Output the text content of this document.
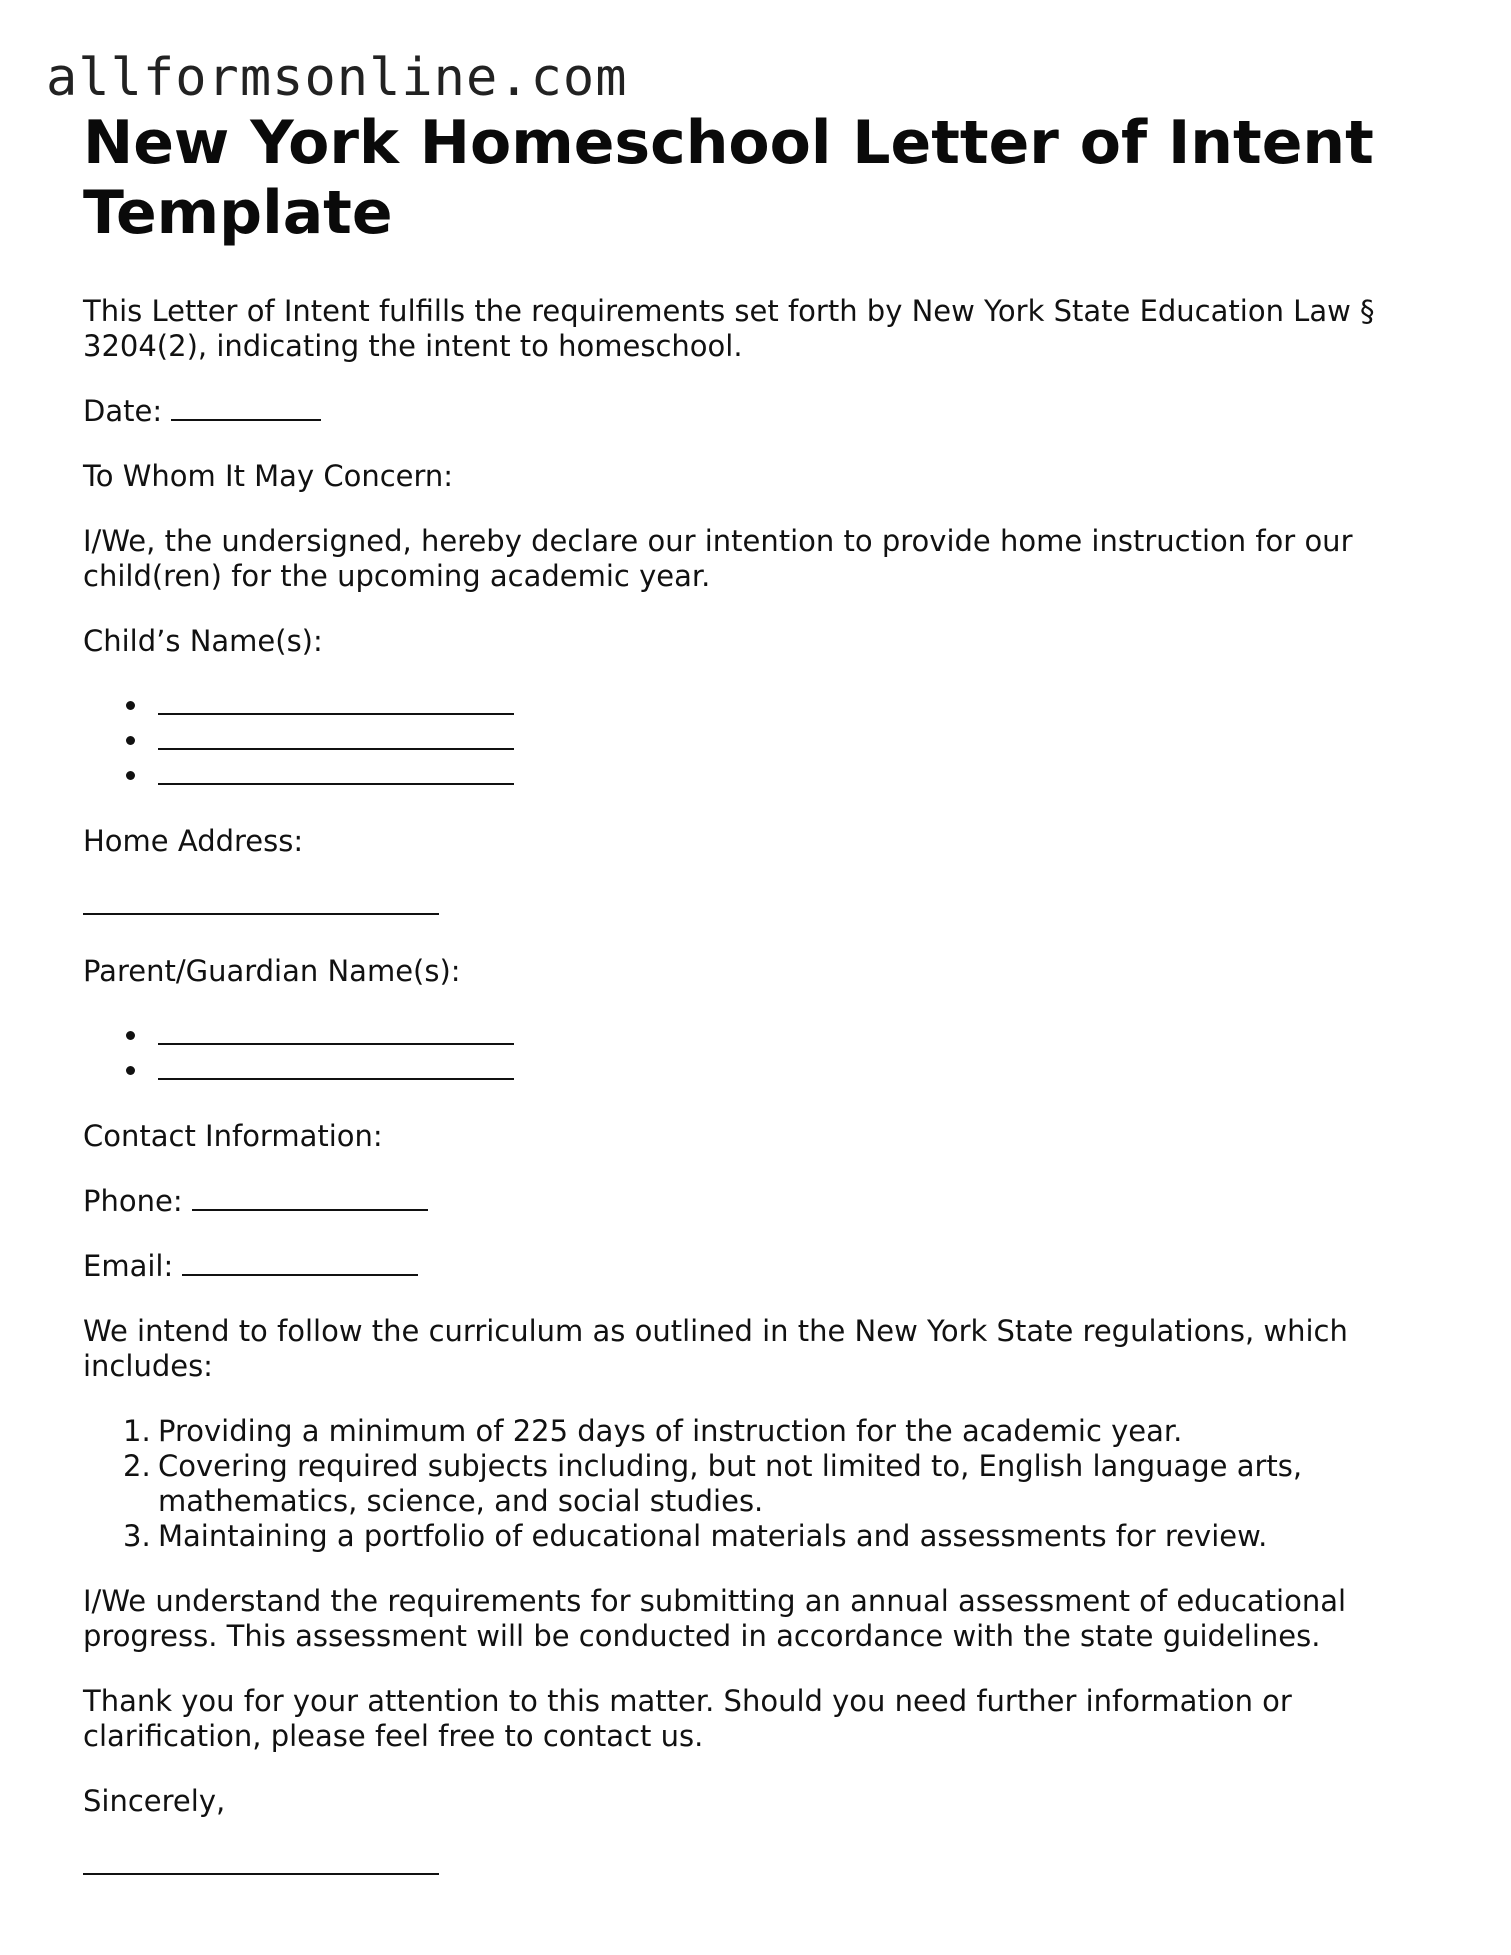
allformsonline.com
New York Homeschool Letter of Intent Template

This Letter of Intent fulfills the requirements set forth by New York State Education Law § 3204(2), indicating the intent to homeschool.

Date:

To Whom It May Concern:

I/We, the undersigned, hereby declare our intention to provide home instruction for our child(ren) for the upcoming academic year.

Child’s Name(s):

Home Address:

Parent/Guardian Name(s):

Contact Information:

Phone:

Email:

We intend to follow the curriculum as outlined in the New York State regulations, which includes:

1. Providing a minimum of 225 days of instruction for the academic year.
2. Covering required subjects including, but not limited to, English language arts, mathematics, science, and social studies.
3. Maintaining a portfolio of educational materials and assessments for review.

I/We understand the requirements for submitting an annual assessment of educational progress. This assessment will be conducted in accordance with the state guidelines.

Thank you for your attention to this matter. Should you need further information or clarification, please feel free to contact us.

Sincerely,
